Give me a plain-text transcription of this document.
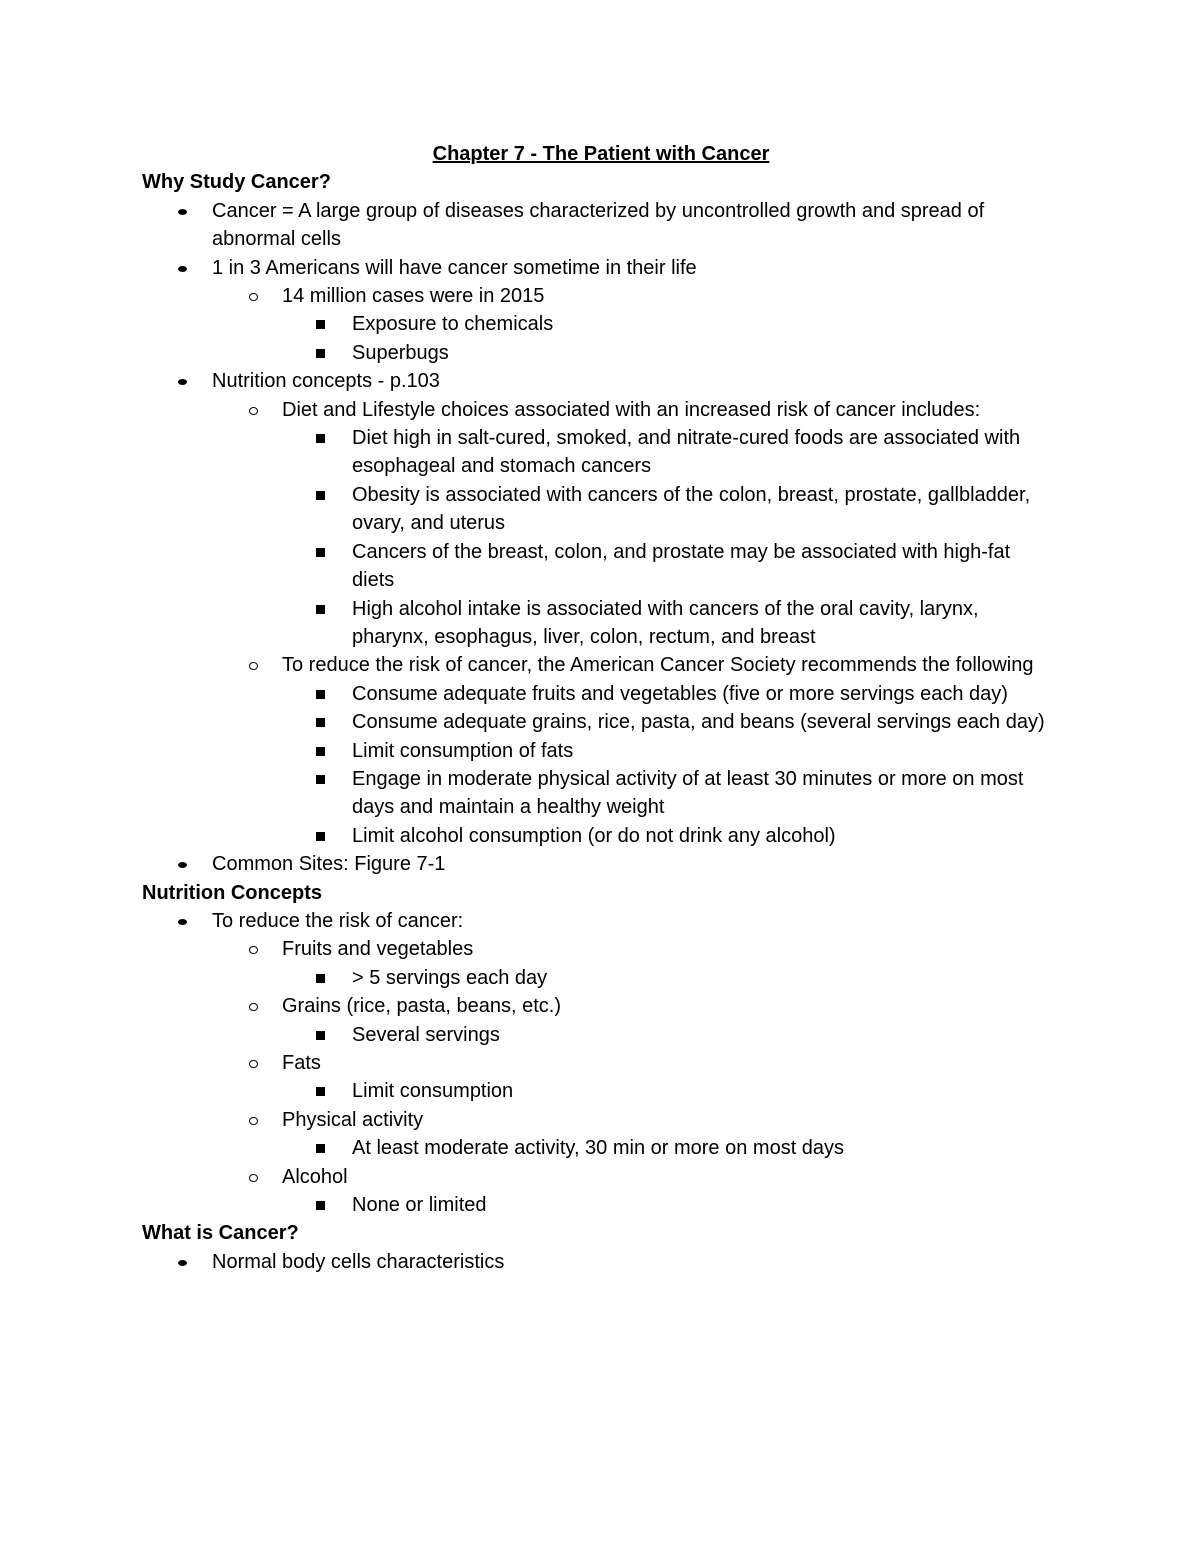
Chapter 7 - The Patient with Cancer

Why Study Cancer?

Cancer = A large group of diseases characterized by uncontrolled growth and spread of abnormal cells
1 in 3 Americans will have cancer sometime in their life
14 million cases were in 2015
Exposure to chemicals
Superbugs
Nutrition concepts - p.103
Diet and Lifestyle choices associated with an increased risk of cancer includes:
Diet high in salt-cured, smoked, and nitrate-cured foods are associated with esophageal and stomach cancers
Obesity is associated with cancers of the colon, breast, prostate, gallbladder, ovary, and uterus
Cancers of the breast, colon, and prostate may be associated with high-fat diets
High alcohol intake is associated with cancers of the oral cavity, larynx, pharynx, esophagus, liver, colon, rectum, and breast
To reduce the risk of cancer, the American Cancer Society recommends the following
Consume adequate fruits and vegetables (five or more servings each day)
Consume adequate grains, rice, pasta, and beans (several servings each day)
Limit consumption of fats
Engage in moderate physical activity of at least 30 minutes or more on most days and maintain a healthy weight
Limit alcohol consumption (or do not drink any alcohol)
Common Sites: Figure 7-1

Nutrition Concepts

To reduce the risk of cancer:
Fruits and vegetables
> 5 servings each day
Grains (rice, pasta, beans, etc.)
Several servings
Fats
Limit consumption
Physical activity
At least moderate activity, 30 min or more on most days
Alcohol
None or limited

What is Cancer?

Normal body cells characteristics
